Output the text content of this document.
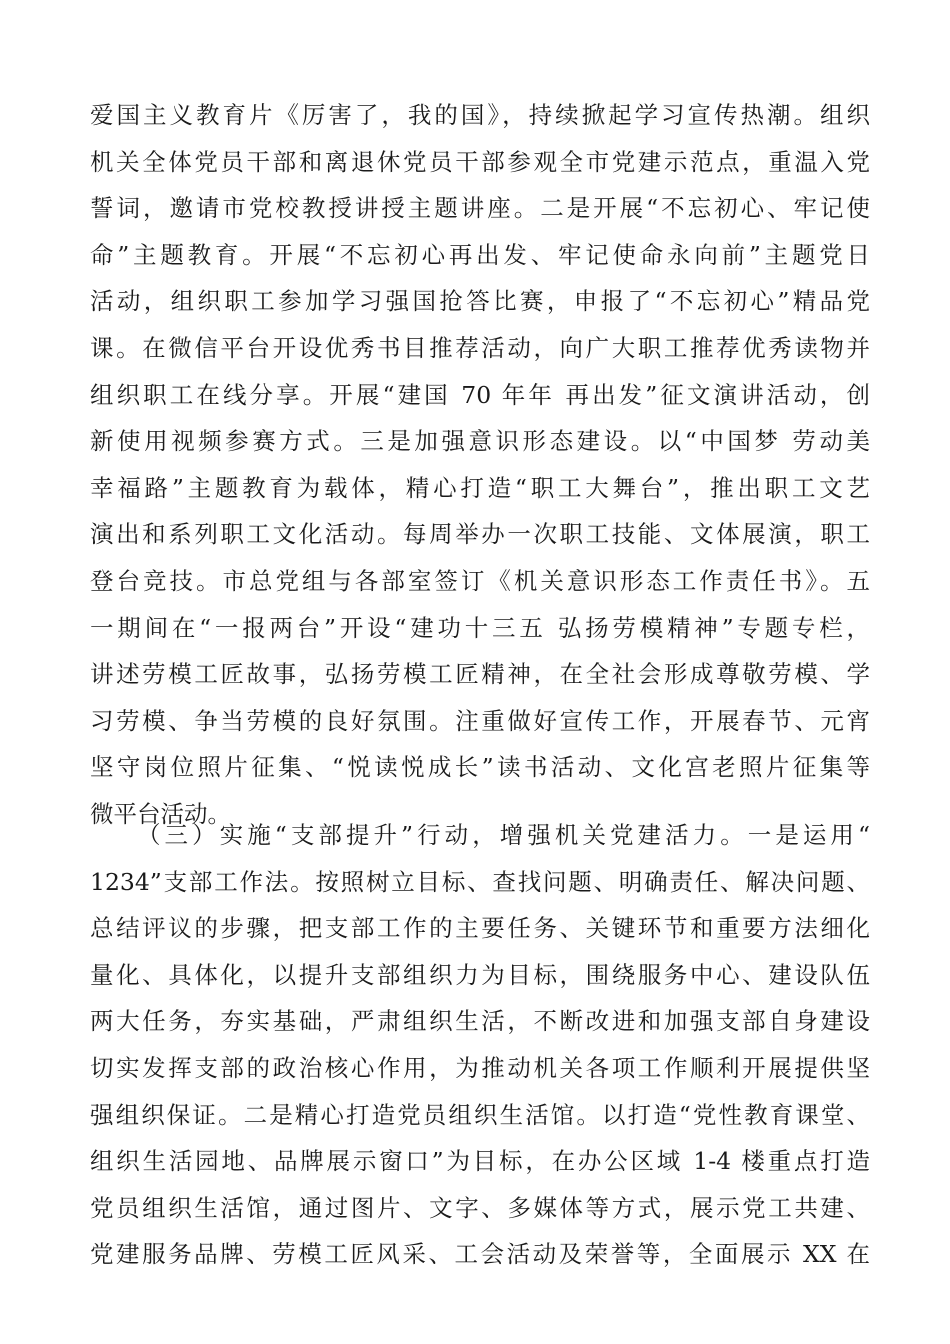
爱国主义教育片《厉害了，我的国》，持续掀起学习宣传热潮。组织
机关全体党员干部和离退休党员干部参观全市党建示范点，重温入党
誓词，邀请市党校教授讲授主题讲座。二是开展“不忘初心、牢记使
命”主题教育。开展“不忘初心再出发、牢记使命永向前”主题党日
活动，组织职工参加学习强国抢答比赛，申报了“不忘初心”精品党
课。在微信平台开设优秀书目推荐活动，向广大职工推荐优秀读物并
组织职工在线分享。开展“建国 70 年年 再出发”征文演讲活动，创
新使用视频参赛方式。三是加强意识形态建设。以“中国梦 劳动美
幸福路”主题教育为载体，精心打造“职工大舞台”，推出职工文艺
演出和系列职工文化活动。每周举办一次职工技能、文体展演，职工
登台竞技。市总党组与各部室签订《机关意识形态工作责任书》。五
一期间在“一报两台”开设“建功十三五 弘扬劳模精神”专题专栏，
讲述劳模工匠故事，弘扬劳模工匠精神，在全社会形成尊敬劳模、学
习劳模、争当劳模的良好氛围。注重做好宣传工作，开展春节、元宵
坚守岗位照片征集、“悦读悦成长”读书活动、文化宫老照片征集等
微平台活动。
（三）实施“支部提升”行动，增强机关党建活力。一是运用“
1234”支部工作法。按照树立目标、查找问题、明确责任、解决问题、
总结评议的步骤，把支部工作的主要任务、关键环节和重要方法细化
量化、具体化，以提升支部组织力为目标，围绕服务中心、建设队伍
两大任务，夯实基础，严肃组织生活，不断改进和加强支部自身建设
切实发挥支部的政治核心作用，为推动机关各项工作顺利开展提供坚
强组织保证。二是精心打造党员组织生活馆。以打造“党性教育课堂、
组织生活园地、品牌展示窗口”为目标，在办公区域 1-4 楼重点打造
党员组织生活馆，通过图片、文字、多媒体等方式，展示党工共建、
党建服务品牌、劳模工匠风采、工会活动及荣誉等，全面展示 XX 在
